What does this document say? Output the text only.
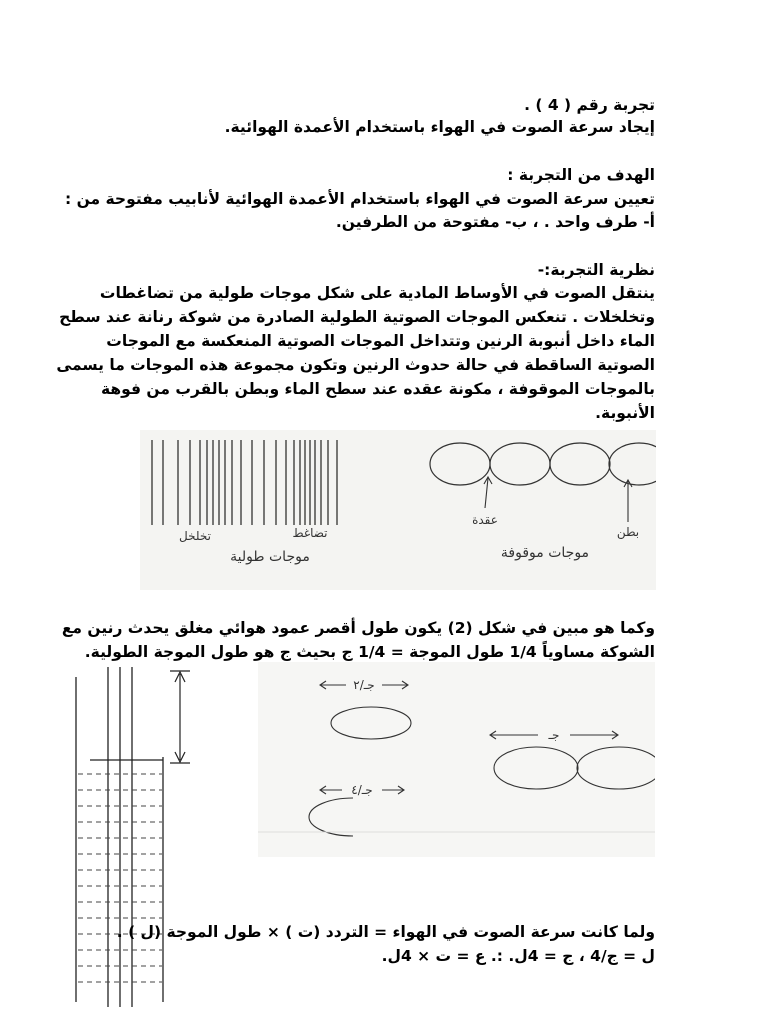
تجربة رقم ( 4 ) .
إيجاد سرعة الصوت في الهواء باستخدام الأعمدة الهوائية.
الهدف من التجربة :
تعيين سرعة الصوت في الهواء باستخدام الأعمدة الهوائية لأنابيب مفتوحة من :
أ- طرف واحد . ، ب- مفتوحة من الطرفين.
نظرية التجربة:-
ينتقل الصوت في الأوساط المادية على شكل موجات طولية من تضاغطات
وتخلخلات . تنعكس الموجات الصوتية الطولية الصادرة من شوكة رنانة عند سطح
الماء داخل أنبوبة الرنين وتتداخل الموجات الصوتية المنعكسة مع الموجات
الصوتية الساقطة في حالة حدوث الرنين وتكون مجموعة هذه الموجات ما يسمى
بالموجات الموقوفة ، مكونة عقده عند سطح الماء وبطن بالقرب من فوهة
الأنبوبة.
تخلخل	تضاغط
موجات طولية
عقدة
بطن
موجات موقوفة
وكما هو مبين في شكل (2) يكون طول أقصر عمود هوائي مغلق يحدث رنين مع
الشوكة مساوياً 1/4 طول الموجة = 1/4 ج بحيث ج هو طول الموجة الطولية.
جـ/٢
جـ
جـ/٤
ولما كانت سرعة الصوت في الهواء = التردد (ت ) × طول الموجة (ل ) .
ل = ج/4 ، ج = 4ل. :. ع = ت × 4ل.
